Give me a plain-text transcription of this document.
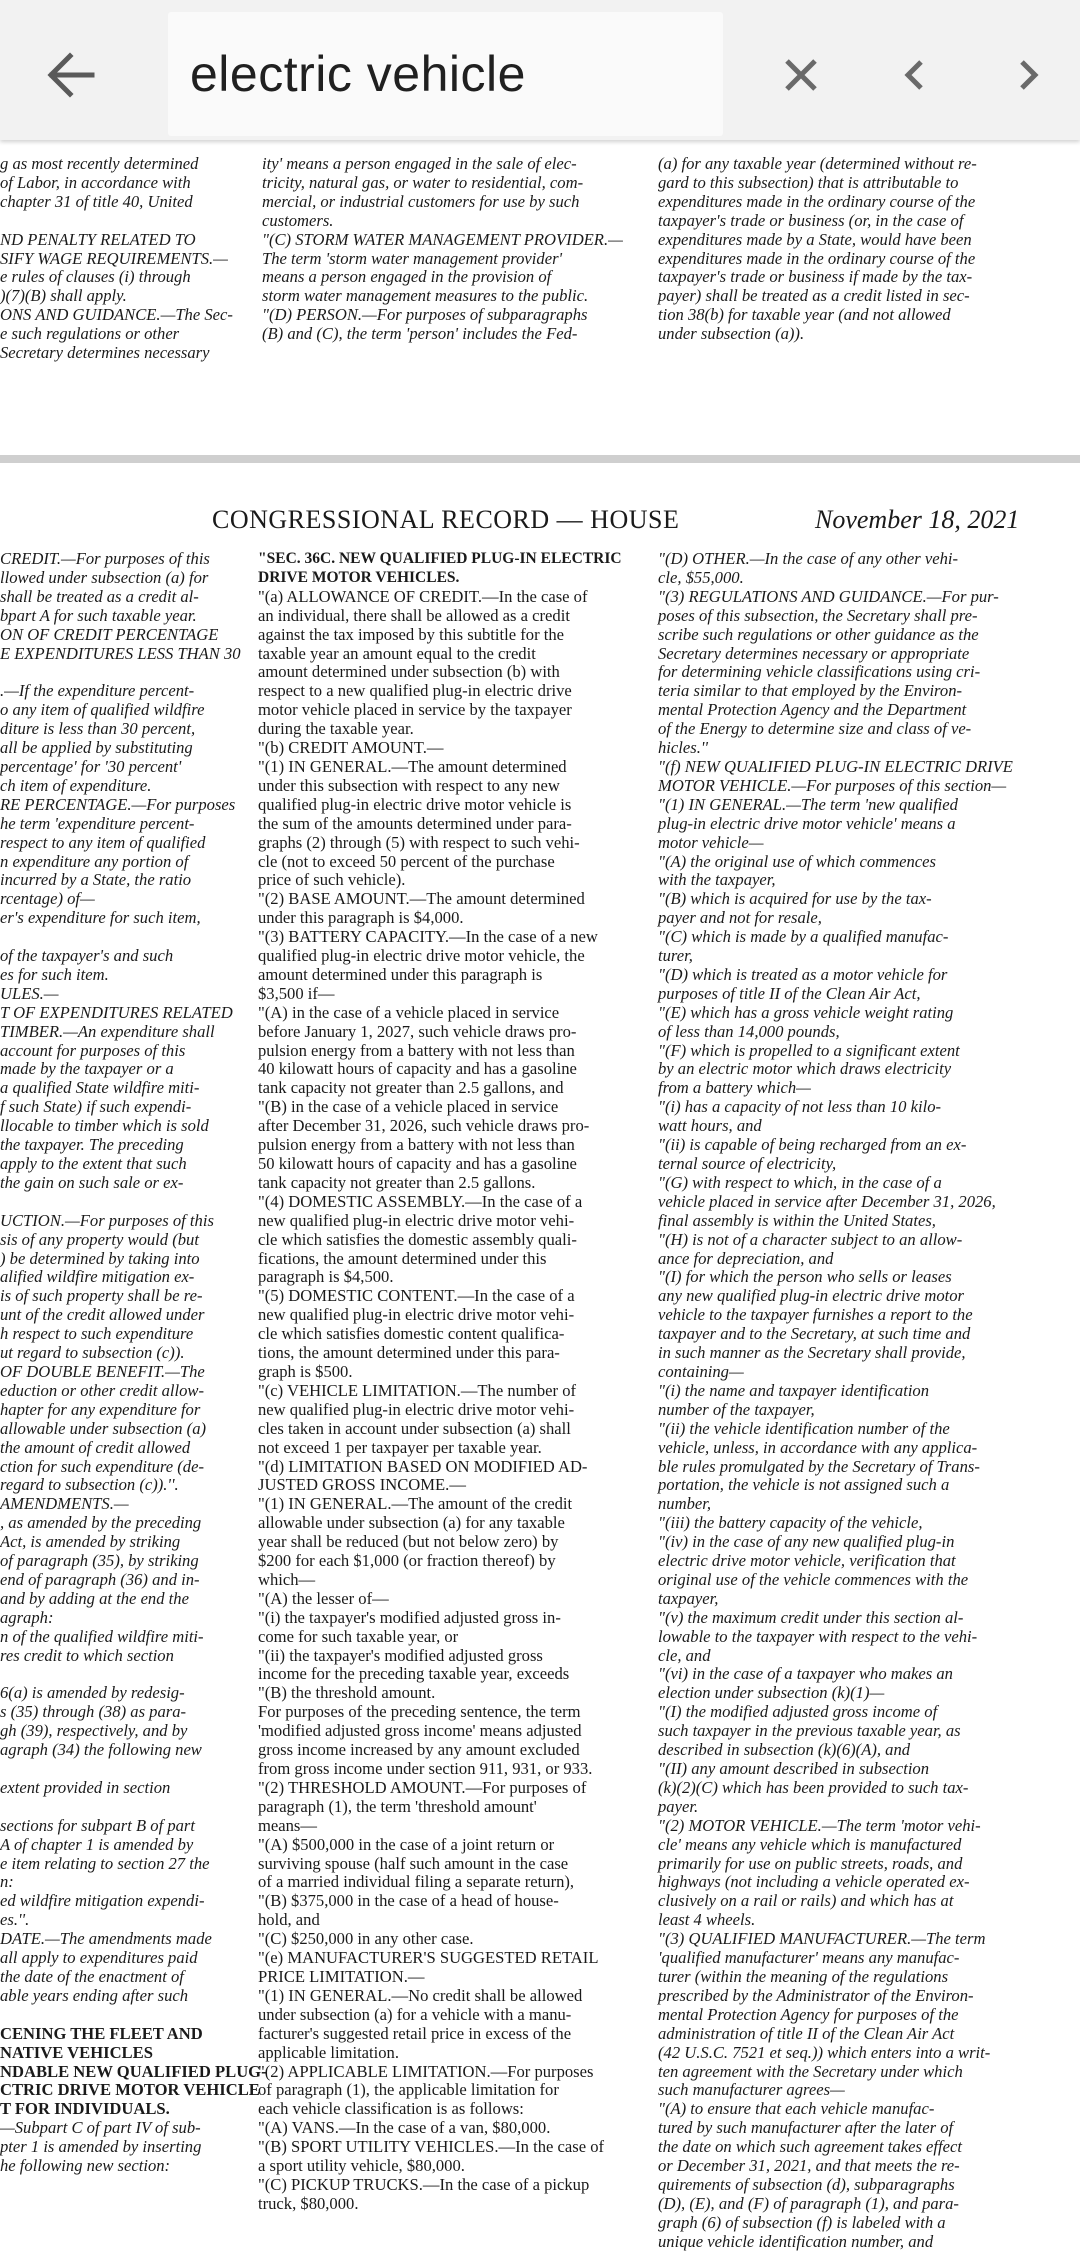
electric vehicle
g as most recently determined
of Labor, in accordance with
chapter 31 of title 40, United

ND PENALTY RELATED TO
SIFY WAGE REQUIREMENTS.—
e rules of clauses (i) through
)(7)(B) shall apply.
ONS AND GUIDANCE.—The Sec-
e such regulations or other
Secretary determines necessary
ity' means a person engaged in the sale of elec-
tricity, natural gas, or water to residential, com-
mercial, or industrial customers for use by such
customers.
"(C) STORM WATER MANAGEMENT PROVIDER.—
The term 'storm water management provider'
means a person engaged in the provision of
storm water management measures to the public.
"(D) PERSON.—For purposes of subparagraphs
(B) and (C), the term 'person' includes the Fed-
(a) for any taxable year (determined without re-
gard to this subsection) that is attributable to
expenditures made in the ordinary course of the
taxpayer's trade or business (or, in the case of
expenditures made by a State, would have been
expenditures made in the ordinary course of the
taxpayer's trade or business if made by the tax-
payer) shall be treated as a credit listed in sec-
tion 38(b) for taxable year (and not allowed
under subsection (a)).
CONGRESSIONAL RECORD — HOUSE	November 18, 2021
CREDIT.—For purposes of this
llowed under subsection (a) for
shall be treated as a credit al-
bpart A for such taxable year.
ON OF CREDIT PERCENTAGE
E EXPENDITURES LESS THAN 30

.—If the expenditure percent-
o any item of qualified wildfire
diture is less than 30 percent,
all be applied by substituting
percentage' for '30 percent'
ch item of expenditure.
RE PERCENTAGE.—For purposes
he term 'expenditure percent-
respect to any item of qualified
n expenditure any portion of
incurred by a State, the ratio
rcentage) of—
er's expenditure for such item,

of the taxpayer's and such
es for such item.
ULES.—
T OF EXPENDITURES RELATED
TIMBER.—An expenditure shall
account for purposes of this
made by the taxpayer or a
a qualified State wildfire miti-
f such State) if such expendi-
llocable to timber which is sold
the taxpayer. The preceding
apply to the extent that such
the gain on such sale or ex-

UCTION.—For purposes of this
sis of any property would (but
) be determined by taking into
alified wildfire mitigation ex-
is of such property shall be re-
unt of the credit allowed under
h respect to such expenditure
ut regard to subsection (c)).
OF DOUBLE BENEFIT.—The
eduction or other credit allow-
hapter for any expenditure for
allowable under subsection (a)
the amount of credit allowed
ction for such expenditure (de-
regard to subsection (c)).''.
AMENDMENTS.—
, as amended by the preceding
Act, is amended by striking
of paragraph (35), by striking
end of paragraph (36) and in-
and by adding at the end the
agraph:
n of the qualified wildfire miti-
res credit to which section

6(a) is amended by redesig-
s (35) through (38) as para-
gh (39), respectively, and by
agraph (34) the following new

extent provided in section

sections for subpart B of part
A of chapter 1 is amended by
e item relating to section 27 the
n:
ed wildfire mitigation expendi-
es.''.
DATE.—The amendments made
all apply to expenditures paid
the date of the enactment of
able years ending after such

CENING THE FLEET AND
NATIVE VEHICLES
NDABLE NEW QUALIFIED PLUG-
CTRIC DRIVE MOTOR VEHICLE
T FOR INDIVIDUALS.
—Subpart C of part IV of sub-
pter 1 is amended by inserting
he following new section:
"SEC. 36C. NEW QUALIFIED PLUG-IN ELECTRIC
DRIVE MOTOR VEHICLES.
"(a) ALLOWANCE OF CREDIT.—In the case of
an individual, there shall be allowed as a credit
against the tax imposed by this subtitle for the
taxable year an amount equal to the credit
amount determined under subsection (b) with
respect to a new qualified plug-in electric drive
motor vehicle placed in service by the taxpayer
during the taxable year.
"(b) CREDIT AMOUNT.—
"(1) IN GENERAL.—The amount determined
under this subsection with respect to any new
qualified plug-in electric drive motor vehicle is
the sum of the amounts determined under para-
graphs (2) through (5) with respect to such vehi-
cle (not to exceed 50 percent of the purchase
price of such vehicle).
"(2) BASE AMOUNT.—The amount determined
under this paragraph is $4,000.
"(3) BATTERY CAPACITY.—In the case of a new
qualified plug-in electric drive motor vehicle, the
amount determined under this paragraph is
$3,500 if—
"(A) in the case of a vehicle placed in service
before January 1, 2027, such vehicle draws pro-
pulsion energy from a battery with not less than
40 kilowatt hours of capacity and has a gasoline
tank capacity not greater than 2.5 gallons, and
"(B) in the case of a vehicle placed in service
after December 31, 2026, such vehicle draws pro-
pulsion energy from a battery with not less than
50 kilowatt hours of capacity and has a gasoline
tank capacity not greater than 2.5 gallons.
"(4) DOMESTIC ASSEMBLY.—In the case of a
new qualified plug-in electric drive motor vehi-
cle which satisfies the domestic assembly quali-
fications, the amount determined under this
paragraph is $4,500.
"(5) DOMESTIC CONTENT.—In the case of a
new qualified plug-in electric drive motor vehi-
cle which satisfies domestic content qualifica-
tions, the amount determined under this para-
graph is $500.
"(c) VEHICLE LIMITATION.—The number of
new qualified plug-in electric drive motor vehi-
cles taken in account under subsection (a) shall
not exceed 1 per taxpayer per taxable year.
"(d) LIMITATION BASED ON MODIFIED AD-
JUSTED GROSS INCOME.—
"(1) IN GENERAL.—The amount of the credit
allowable under subsection (a) for any taxable
year shall be reduced (but not below zero) by
$200 for each $1,000 (or fraction thereof) by
which—
"(A) the lesser of—
"(i) the taxpayer's modified adjusted gross in-
come for such taxable year, or
"(ii) the taxpayer's modified adjusted gross
income for the preceding taxable year, exceeds
"(B) the threshold amount.
For purposes of the preceding sentence, the term
'modified adjusted gross income' means adjusted
gross income increased by any amount excluded
from gross income under section 911, 931, or 933.
"(2) THRESHOLD AMOUNT.—For purposes of
paragraph (1), the term 'threshold amount'
means—
"(A) $500,000 in the case of a joint return or
surviving spouse (half such amount in the case
of a married individual filing a separate return),
"(B) $375,000 in the case of a head of house-
hold, and
"(C) $250,000 in any other case.
"(e) MANUFACTURER'S SUGGESTED RETAIL
PRICE LIMITATION.—
"(1) IN GENERAL.—No credit shall be allowed
under subsection (a) for a vehicle with a manu-
facturer's suggested retail price in excess of the
applicable limitation.
"(2) APPLICABLE LIMITATION.—For purposes
of paragraph (1), the applicable limitation for
each vehicle classification is as follows:
"(A) VANS.—In the case of a van, $80,000.
"(B) SPORT UTILITY VEHICLES.—In the case of
a sport utility vehicle, $80,000.
"(C) PICKUP TRUCKS.—In the case of a pickup
truck, $80,000.
"(D) OTHER.—In the case of any other vehi-
cle, $55,000.
"(3) REGULATIONS AND GUIDANCE.—For pur-
poses of this subsection, the Secretary shall pre-
scribe such regulations or other guidance as the
Secretary determines necessary or appropriate
for determining vehicle classifications using cri-
teria similar to that employed by the Environ-
mental Protection Agency and the Department
of the Energy to determine size and class of ve-
hicles.''
"(f) NEW QUALIFIED PLUG-IN ELECTRIC DRIVE
MOTOR VEHICLE.—For purposes of this section—
"(1) IN GENERAL.—The term 'new qualified
plug-in electric drive motor vehicle' means a
motor vehicle—
"(A) the original use of which commences
with the taxpayer,
"(B) which is acquired for use by the tax-
payer and not for resale,
"(C) which is made by a qualified manufac-
turer,
"(D) which is treated as a motor vehicle for
purposes of title II of the Clean Air Act,
"(E) which has a gross vehicle weight rating
of less than 14,000 pounds,
"(F) which is propelled to a significant extent
by an electric motor which draws electricity
from a battery which—
"(i) has a capacity of not less than 10 kilo-
watt hours, and
"(ii) is capable of being recharged from an ex-
ternal source of electricity,
"(G) with respect to which, in the case of a
vehicle placed in service after December 31, 2026,
final assembly is within the United States,
"(H) is not of a character subject to an allow-
ance for depreciation, and
"(I) for which the person who sells or leases
any new qualified plug-in electric drive motor
vehicle to the taxpayer furnishes a report to the
taxpayer and to the Secretary, at such time and
in such manner as the Secretary shall provide,
containing—
"(i) the name and taxpayer identification
number of the taxpayer,
"(ii) the vehicle identification number of the
vehicle, unless, in accordance with any applica-
ble rules promulgated by the Secretary of Trans-
portation, the vehicle is not assigned such a
number,
"(iii) the battery capacity of the vehicle,
"(iv) in the case of any new qualified plug-in
electric drive motor vehicle, verification that
original use of the vehicle commences with the
taxpayer,
"(v) the maximum credit under this section al-
lowable to the taxpayer with respect to the vehi-
cle, and
"(vi) in the case of a taxpayer who makes an
election under subsection (k)(1)—
"(I) the modified adjusted gross income of
such taxpayer in the previous taxable year, as
described in subsection (k)(6)(A), and
"(II) any amount described in subsection
(k)(2)(C) which has been provided to such tax-
payer.
"(2) MOTOR VEHICLE.—The term 'motor vehi-
cle' means any vehicle which is manufactured
primarily for use on public streets, roads, and
highways (not including a vehicle operated ex-
clusively on a rail or rails) and which has at
least 4 wheels.
"(3) QUALIFIED MANUFACTURER.—The term
'qualified manufacturer' means any manufac-
turer (within the meaning of the regulations
prescribed by the Administrator of the Environ-
mental Protection Agency for purposes of the
administration of title II of the Clean Air Act
(42 U.S.C. 7521 et seq.)) which enters into a writ-
ten agreement with the Secretary under which
such manufacturer agrees—
"(A) to ensure that each vehicle manufac-
tured by such manufacturer after the later of
the date on which such agreement takes effect
or December 31, 2021, and that meets the re-
quirements of subsection (d), subparagraphs
(D), (E), and (F) of paragraph (1), and para-
graph (6) of subsection (f) is labeled with a
unique vehicle identification number, and
